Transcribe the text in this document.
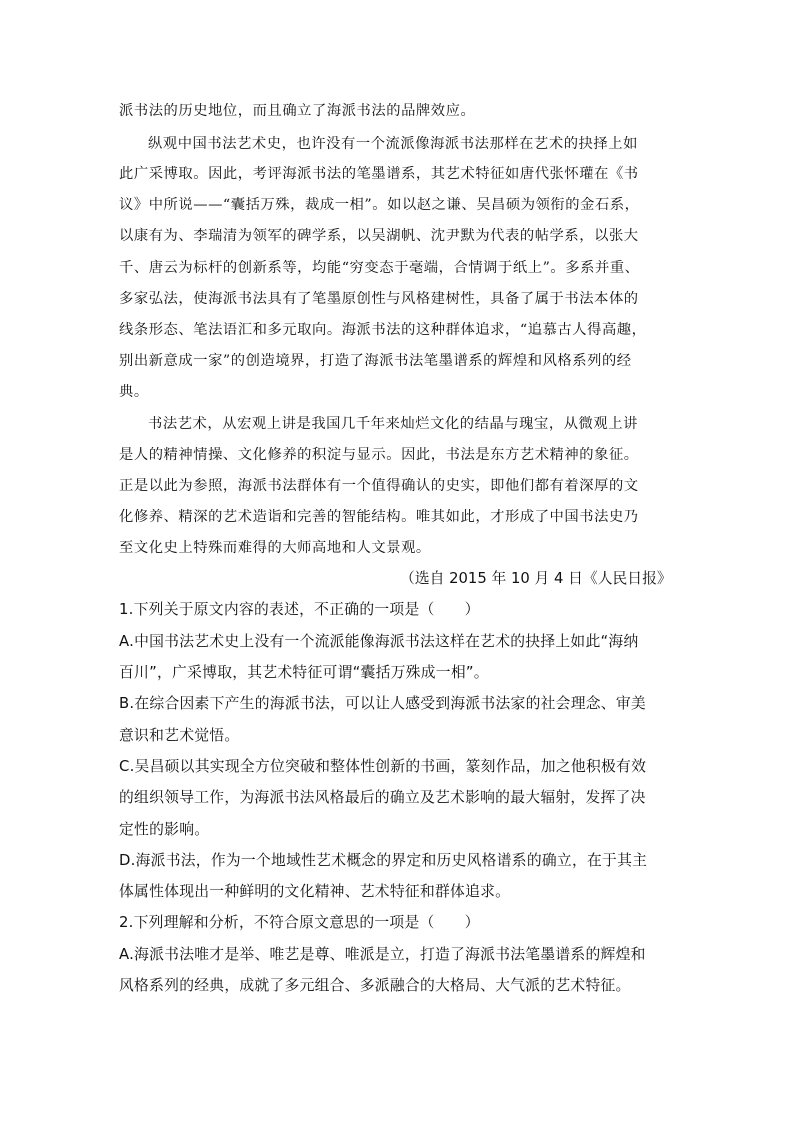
派书法的历史地位，而且确立了海派书法的品牌效应。
纵观中国书法艺术史，也许没有一个流派像海派书法那样在艺术的抉择上如
此广采博取。因此，考评海派书法的笔墨谱系，其艺术特征如唐代张怀瓘在《书
议》中所说——“囊括万殊，裁成一相”。如以赵之谦、吴昌硕为领衔的金石系，
以康有为、李瑞清为领军的碑学系，以吴湖帆、沈尹默为代表的帖学系，以张大
千、唐云为标杆的创新系等，均能“穷变态于毫端，合情调于纸上”。多系并重、
多家弘法，使海派书法具有了笔墨原创性与风格建树性，具备了属于书法本体的
线条形态、笔法语汇和多元取向。海派书法的这种群体追求，“追慕古人得高趣，
别出新意成一家”的创造境界，打造了海派书法笔墨谱系的辉煌和风格系列的经
典。
书法艺术，从宏观上讲是我国几千年来灿烂文化的结晶与瑰宝，从微观上讲
是人的精神情操、文化修养的积淀与显示。因此，书法是东方艺术精神的象征。
正是以此为参照，海派书法群体有一个值得确认的史实，即他们都有着深厚的文
化修养、精深的艺术造诣和完善的智能结构。唯其如此，才形成了中国书法史乃
至文化史上特殊而难得的大师高地和人文景观。
（选自 2015 年 10 月 4 日《人民日报》
1.下列关于原文内容的表述，不正确的一项是（　　）
A.中国书法艺术史上没有一个流派能像海派书法这样在艺术的抉择上如此“海纳
百川”，广采博取，其艺术特征可谓“囊括万殊成一相”。
B.在综合因素下产生的海派书法，可以让人感受到海派书法家的社会理念、审美
意识和艺术觉悟。
C.吴昌硕以其实现全方位突破和整体性创新的书画，篆刻作品，加之他积极有效
的组织领导工作，为海派书法风格最后的确立及艺术影响的最大辐射，发挥了决
定性的影响。
D.海派书法，作为一个地域性艺术概念的界定和历史风格谱系的确立，在于其主
体属性体现出一种鲜明的文化精神、艺术特征和群体追求。
2.下列理解和分析，不符合原文意思的一项是（　　）
A.海派书法唯才是举、唯艺是尊、唯派是立，打造了海派书法笔墨谱系的辉煌和
风格系列的经典，成就了多元组合、多派融合的大格局、大气派的艺术特征。
